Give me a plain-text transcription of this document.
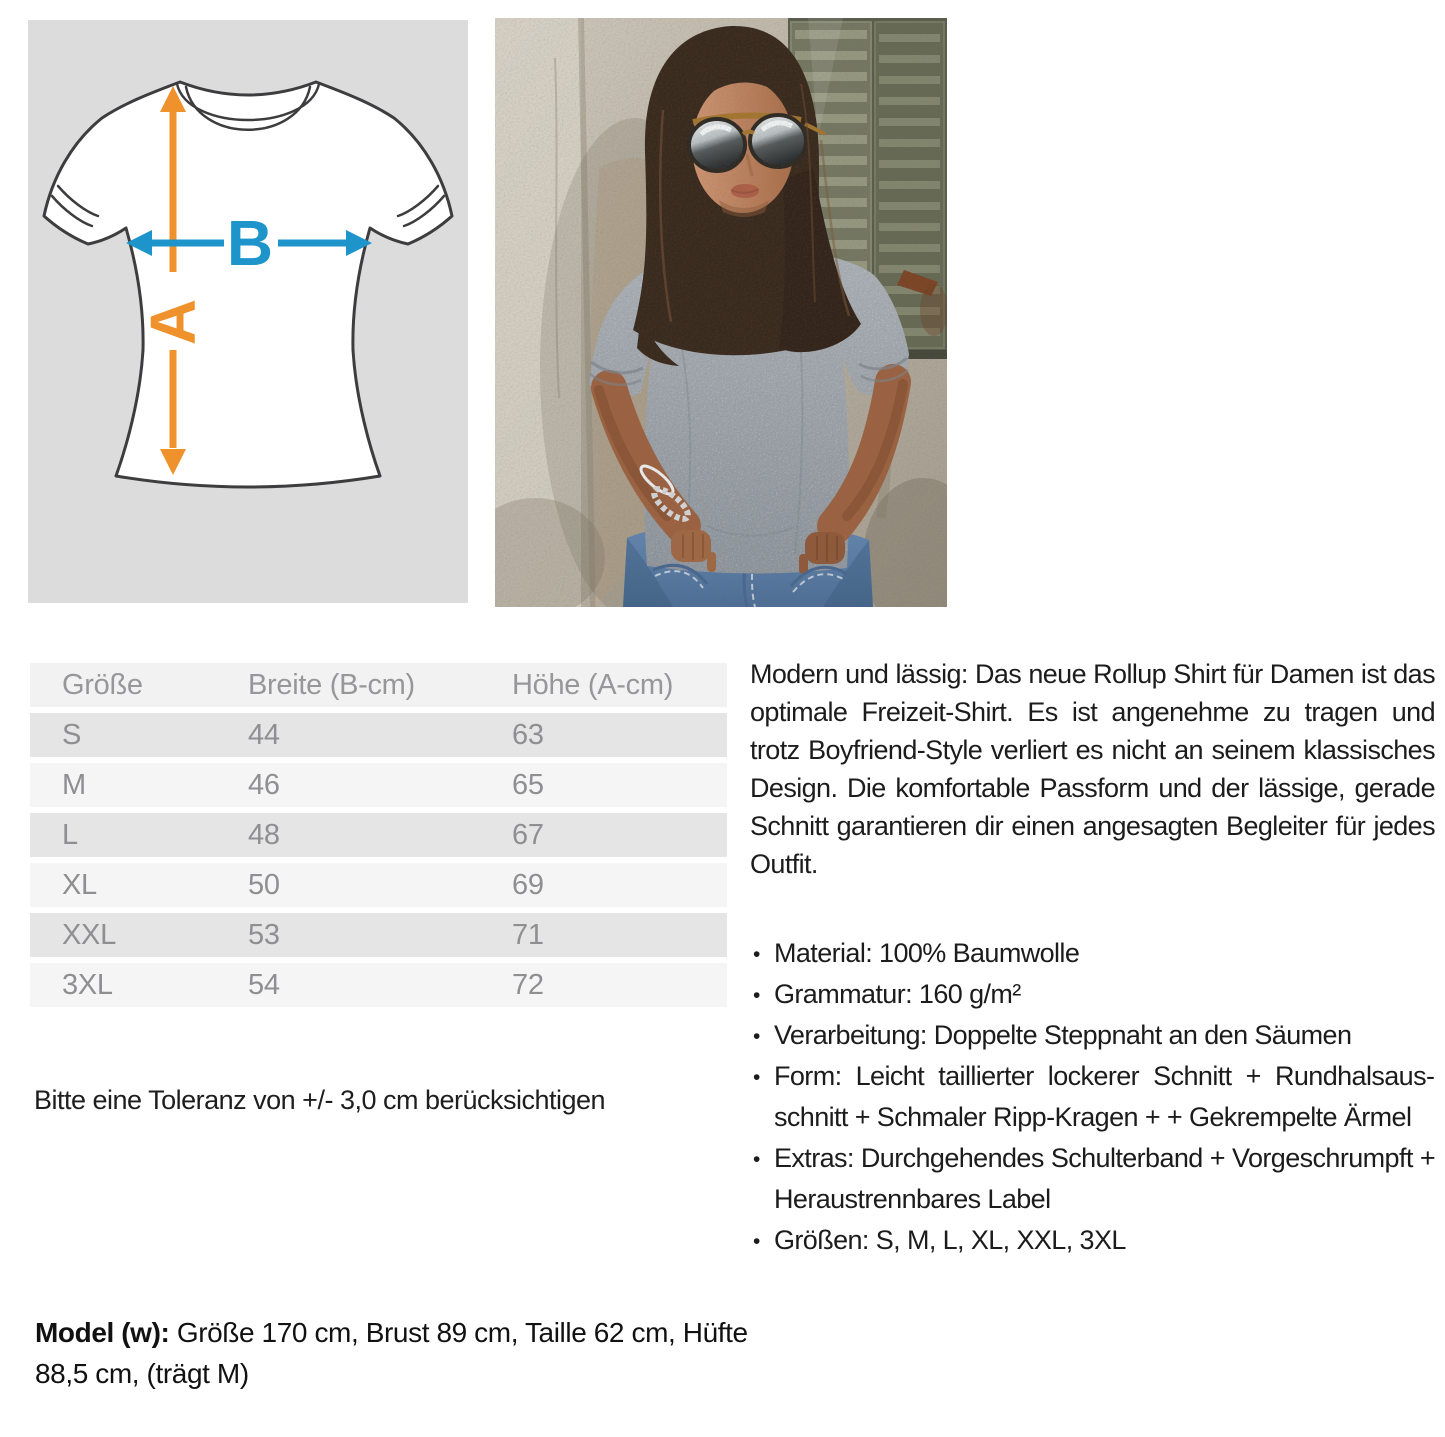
A
B
Größe	Breite (B-cm)	Höhe (A-cm)
S	44	63
M	46	65
L	48	67
XL	50	69
XXL	53	71
3XL	54	72

Bitte eine Toleranz von +/- 3,0 cm berücksichtigen

Modern und lässig: Das neue Rollup Shirt für Damen ist das optimale Freizeit-Shirt. Es ist angenehme zu tragen und trotz Boyfriend-Style verliert es nicht an seinem klassisches Design. Die komfortable Passform und der lässige, gerade Schnitt garantieren dir einen angesagten Begleiter für jedes Outfit.

• Material: 100% Baumwolle
• Grammatur: 160 g/m²
• Verarbeitung: Doppelte Steppnaht an den Säumen
• Form: Leicht taillierter lockerer Schnitt + Rundhalsausschnitt + Schmaler Ripp-Kragen + + Gekrempelte Ärmel
• Extras: Durchgehendes Schulterband + Vorgeschrumpft + Heraustrennbares Label
• Größen: S, M, L, XL, XXL, 3XL

Model (w): Größe 170 cm, Brust 89 cm, Taille 62 cm, Hüfte 88,5 cm, (trägt M)
